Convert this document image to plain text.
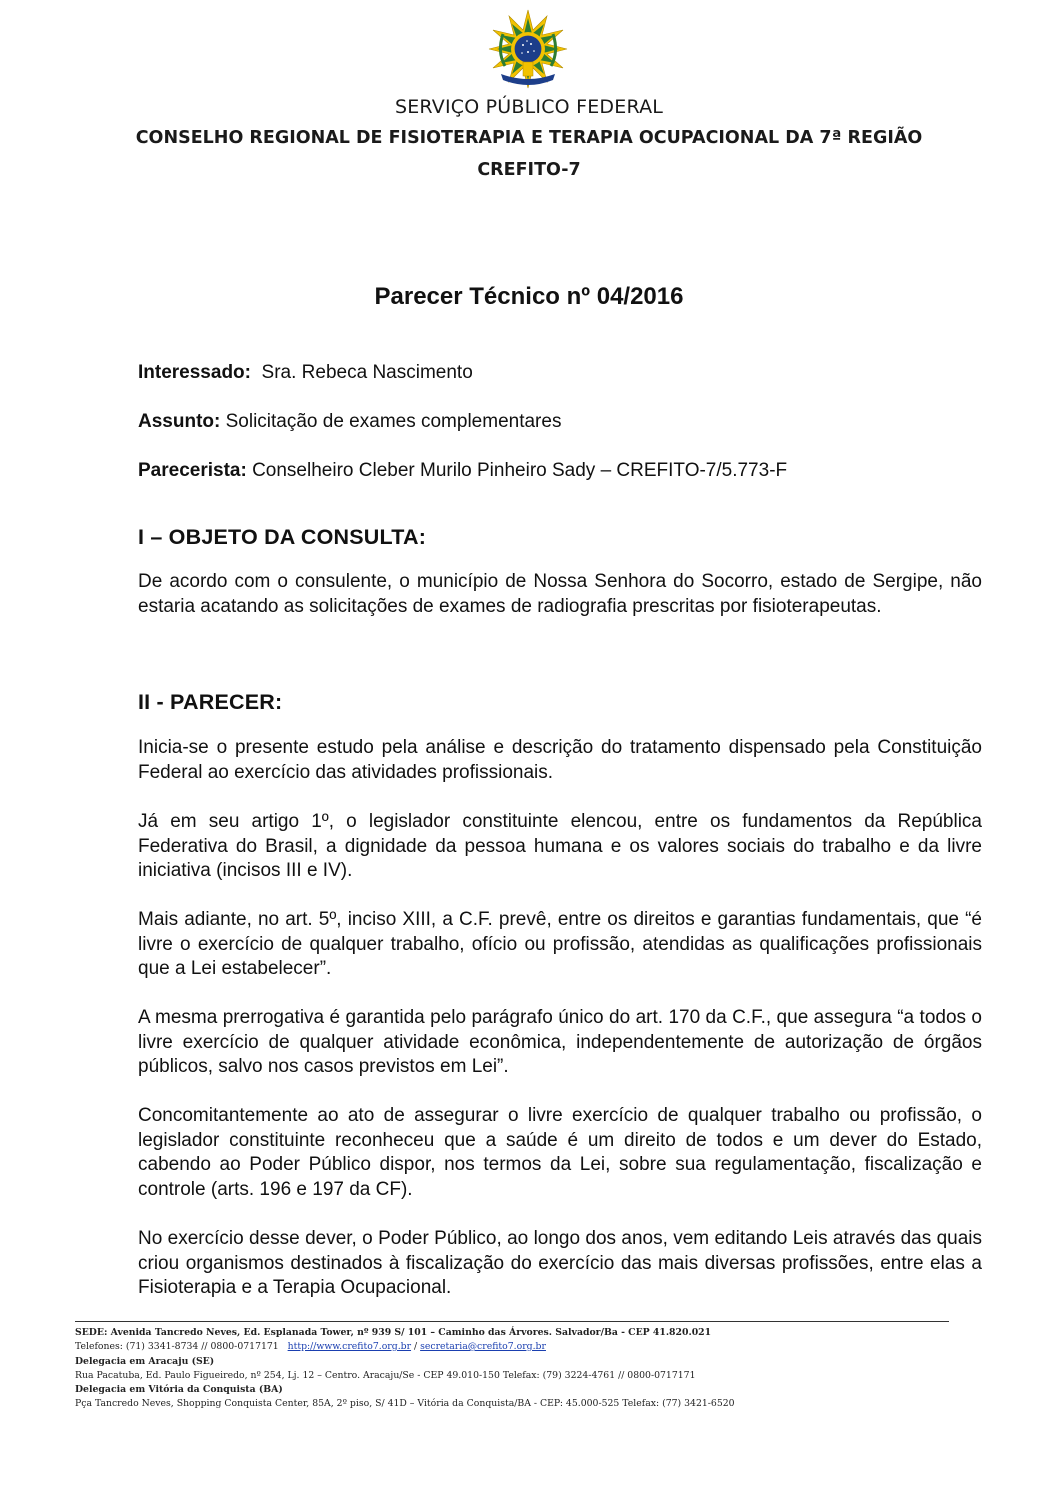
SERVIÇO PÚBLICO FEDERAL
CONSELHO REGIONAL DE FISIOTERAPIA E TERAPIA OCUPACIONAL DA 7ª REGIÃO
CREFITO-7
Parecer Técnico nº 04/2016
Interessado: Sra. Rebeca Nascimento
Assunto: Solicitação de exames complementares
Parecerista: Conselheiro Cleber Murilo Pinheiro Sady – CREFITO-7/5.773-F
I – OBJETO DA CONSULTA:
De acordo com o consulente, o município de Nossa Senhora do Socorro, estado de Sergipe, não estaria acatando as solicitações de exames de radiografia prescritas por fisioterapeutas.
II - PARECER:
Inicia-se o presente estudo pela análise e descrição do tratamento dispensado pela Constituição Federal ao exercício das atividades profissionais.
Já em seu artigo 1º, o legislador constituinte elencou, entre os fundamentos da República Federativa do Brasil, a dignidade da pessoa humana e os valores sociais do trabalho e da livre iniciativa (incisos III e IV).
Mais adiante, no art. 5º, inciso XIII, a C.F. prevê, entre os direitos e garantias fundamentais, que “é livre o exercício de qualquer trabalho, ofício ou profissão, atendidas as qualificações profissionais que a Lei estabelecer”.
A mesma prerrogativa é garantida pelo parágrafo único do art. 170 da C.F., que assegura “a todos o livre exercício de qualquer atividade econômica, independentemente de autorização de órgãos públicos, salvo nos casos previstos em Lei”.
Concomitantemente ao ato de assegurar o livre exercício de qualquer trabalho ou profissão, o legislador constituinte reconheceu que a saúde é um direito de todos e um dever do Estado, cabendo ao Poder Público dispor, nos termos da Lei, sobre sua regulamentação, fiscalização e controle (arts. 196 e 197 da CF).
No exercício desse dever, o Poder Público, ao longo dos anos, vem editando Leis através das quais criou organismos destinados à fiscalização do exercício das mais diversas profissões, entre elas a Fisioterapia e a Terapia Ocupacional.
SEDE: Avenida Tancredo Neves, Ed. Esplanada Tower, nº 939 S/ 101 – Caminho das Árvores. Salvador/Ba - CEP 41.820.021
Telefones: (71) 3341-8734 // 0800-0717171 http://www.crefito7.org.br / secretaria@crefito7.org.br
Delegacia em Aracaju (SE)
Rua Pacatuba, Ed. Paulo Figueiredo, nº 254, Lj. 12 – Centro. Aracaju/Se - CEP 49.010-150 Telefax: (79) 3224-4761 // 0800-0717171
Delegacia em Vitória da Conquista (BA)
Pça Tancredo Neves, Shopping Conquista Center, 85A, 2º piso, S/ 41D – Vitória da Conquista/BA - CEP: 45.000-525 Telefax: (77) 3421-6520
